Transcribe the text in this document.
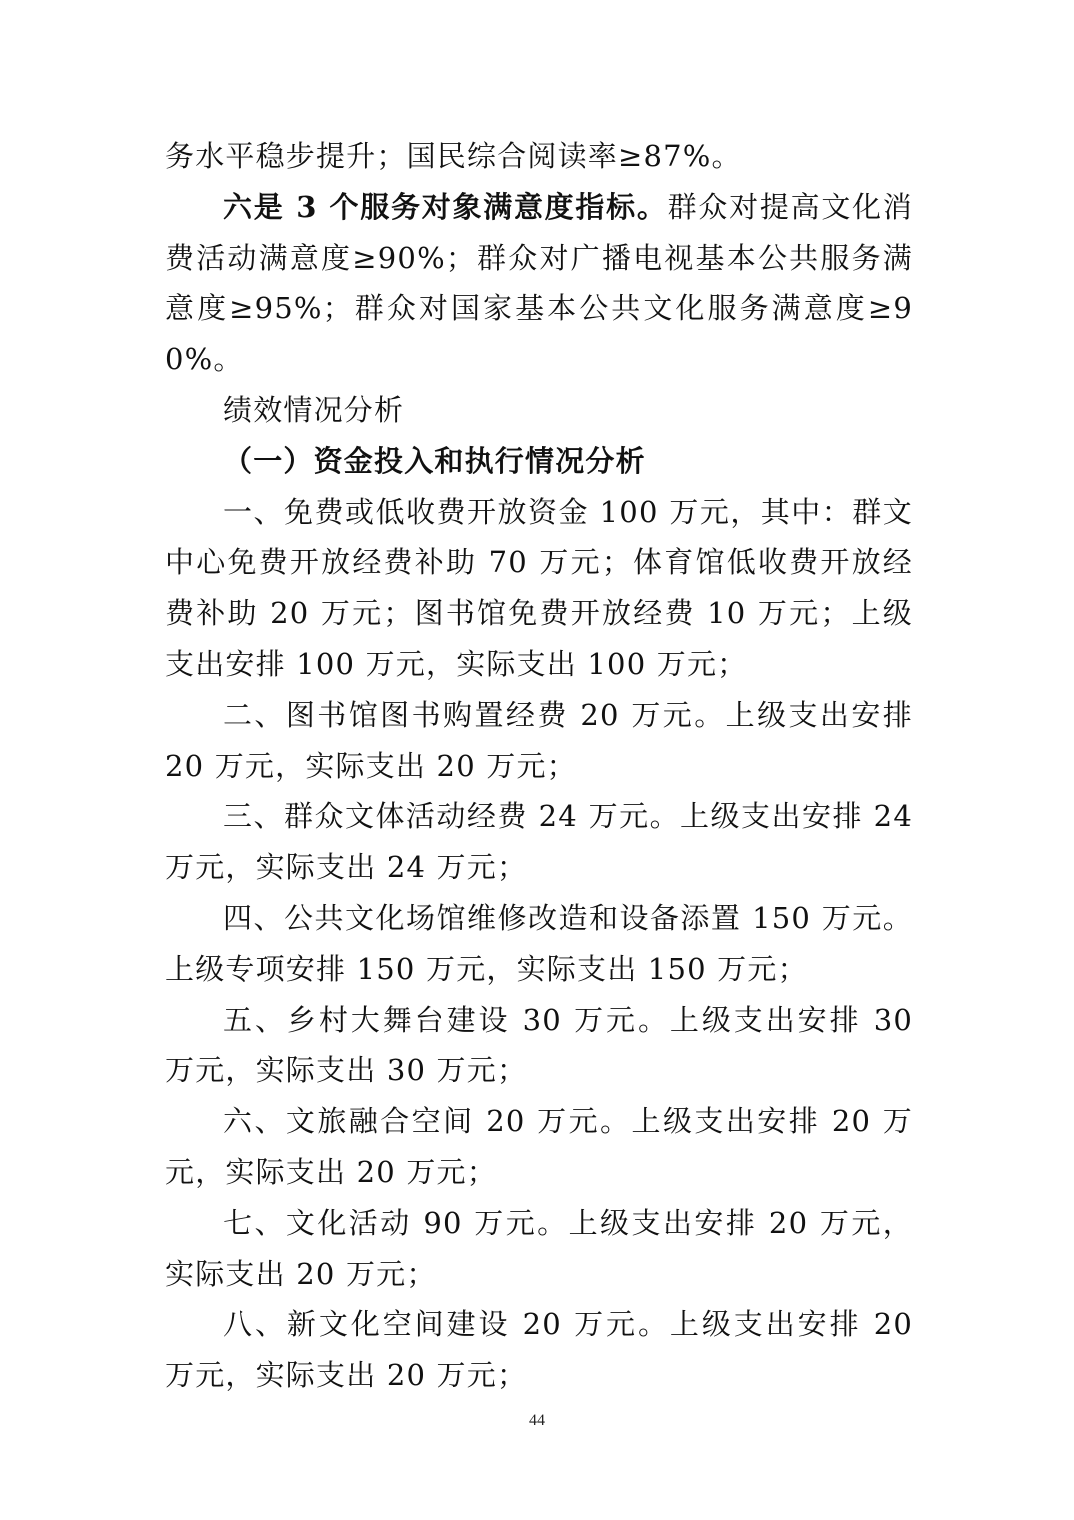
务水平稳步提升；国民综合阅读率≥87%。

六是 3 个服务对象满意度指标。群众对提高文化消费活动满意度≥90%；群众对广播电视基本公共服务满意度≥95%；群众对国家基本公共文化服务满意度≥90%。

绩效情况分析

（一）资金投入和执行情况分析

一、免费或低收费开放资金 100 万元，其中：群文中心免费开放经费补助 70 万元；体育馆低收费开放经费补助 20 万元；图书馆免费开放经费 10 万元；上级支出安排 100 万元，实际支出 100 万元；

二、图书馆图书购置经费 20 万元。上级支出安排 20 万元，实际支出 20 万元；

三、群众文体活动经费 24 万元。上级支出安排 24 万元，实际支出 24 万元；

四、公共文化场馆维修改造和设备添置 150 万元。上级专项安排 150 万元，实际支出 150 万元；

五、乡村大舞台建设 30 万元。上级支出安排 30 万元，实际支出 30 万元；

六、文旅融合空间 20 万元。上级支出安排 20 万元，实际支出 20 万元；

七、文化活动 90 万元。上级支出安排 20 万元，实际支出 20 万元；

八、新文化空间建设 20 万元。上级支出安排 20 万元，实际支出 20 万元；

44
